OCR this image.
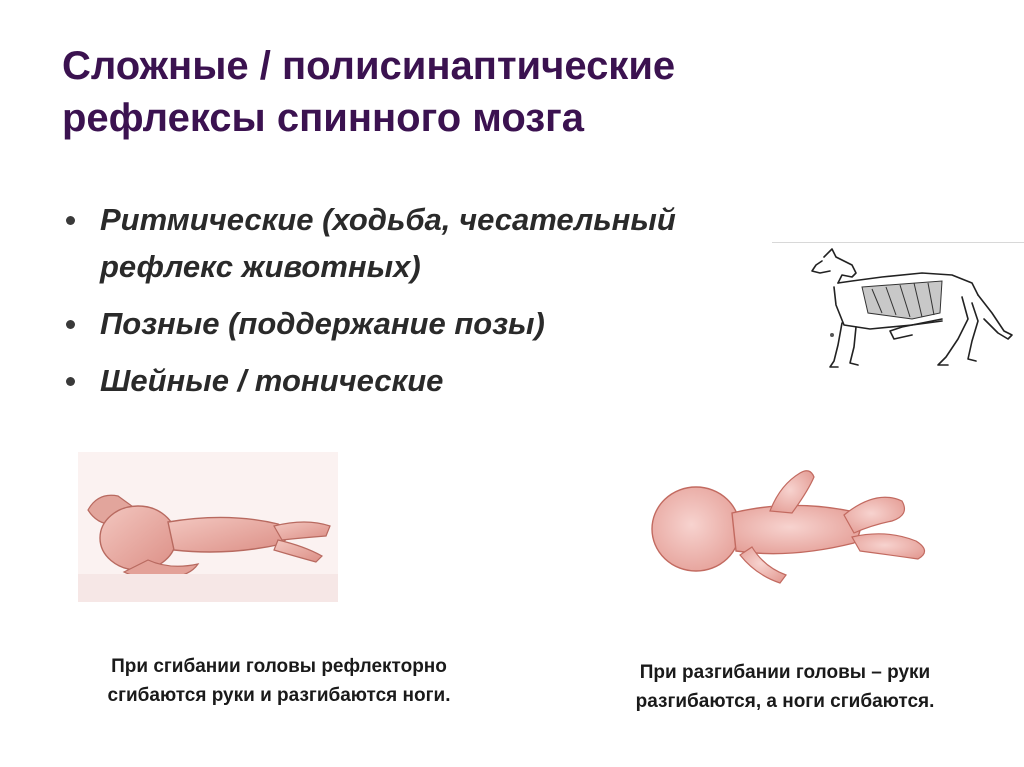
Сложные / полисинаптические
рефлексы спинного мозга
Ритмические (ходьба, чесательный
рефлекс животных)
Позные (поддержание позы)
Шейные / тонические
При сгибании головы рефлекторно
сгибаются руки и разгибаются ноги.
При разгибании головы – руки
разгибаются, а ноги сгибаются.
